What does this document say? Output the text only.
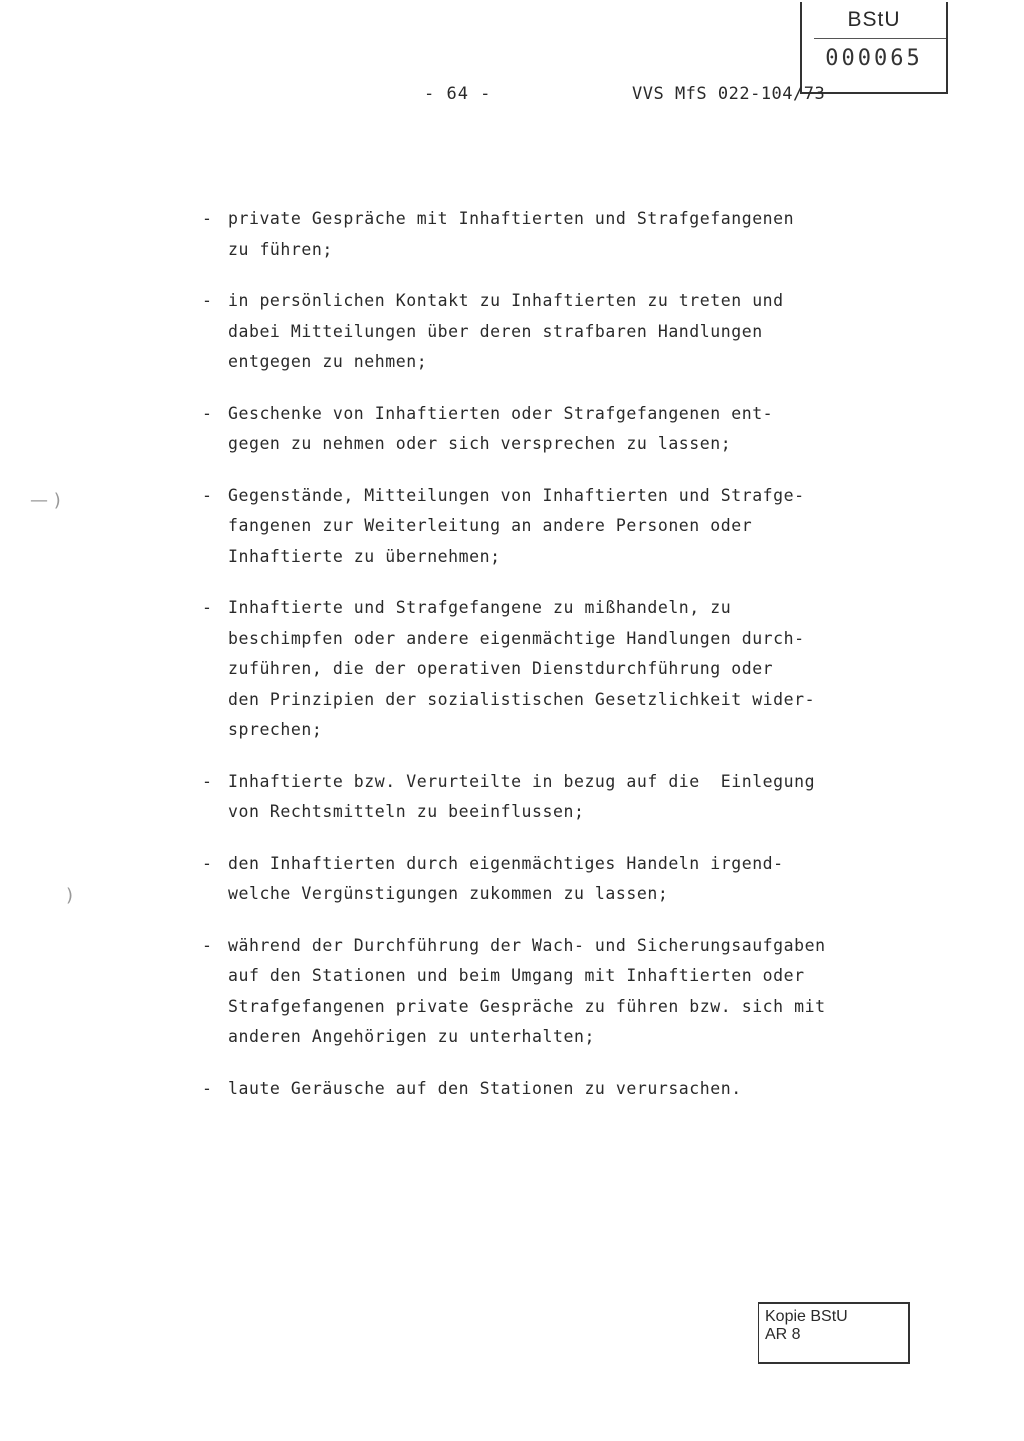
BStU
000065
- 64 -	VVS MfS 022-104/73
- private Gespräche mit Inhaftierten und Strafgefangenen
zu führen;
- in persönlichen Kontakt zu Inhaftierten zu treten und
dabei Mitteilungen über deren strafbaren Handlungen
entgegen zu nehmen;
- Geschenke von Inhaftierten oder Strafgefangenen ent-
gegen zu nehmen oder sich versprechen zu lassen;
- Gegenstände, Mitteilungen von Inhaftierten und Strafge-
fangenen zur Weiterleitung an andere Personen oder
Inhaftierte zu übernehmen;
- Inhaftierte und Strafgefangene zu mißhandeln, zu
beschimpfen oder andere eigenmächtige Handlungen durch-
zuführen, die der operativen Dienstdurchführung oder
den Prinzipien der sozialistischen Gesetzlichkeit wider-
sprechen;
- Inhaftierte bzw. Verurteilte in bezug auf die  Einlegung
von Rechtsmitteln zu beeinflussen;
- den Inhaftierten durch eigenmächtiges Handeln irgend-
welche Vergünstigungen zukommen zu lassen;
- während der Durchführung der Wach- und Sicherungsaufgaben
auf den Stationen und beim Umgang mit Inhaftierten oder
Strafgefangenen private Gespräche zu führen bzw. sich mit
anderen Angehörigen zu unterhalten;
- laute Geräusche auf den Stationen zu verursachen.
— )
)
Kopie BStU
AR 8
